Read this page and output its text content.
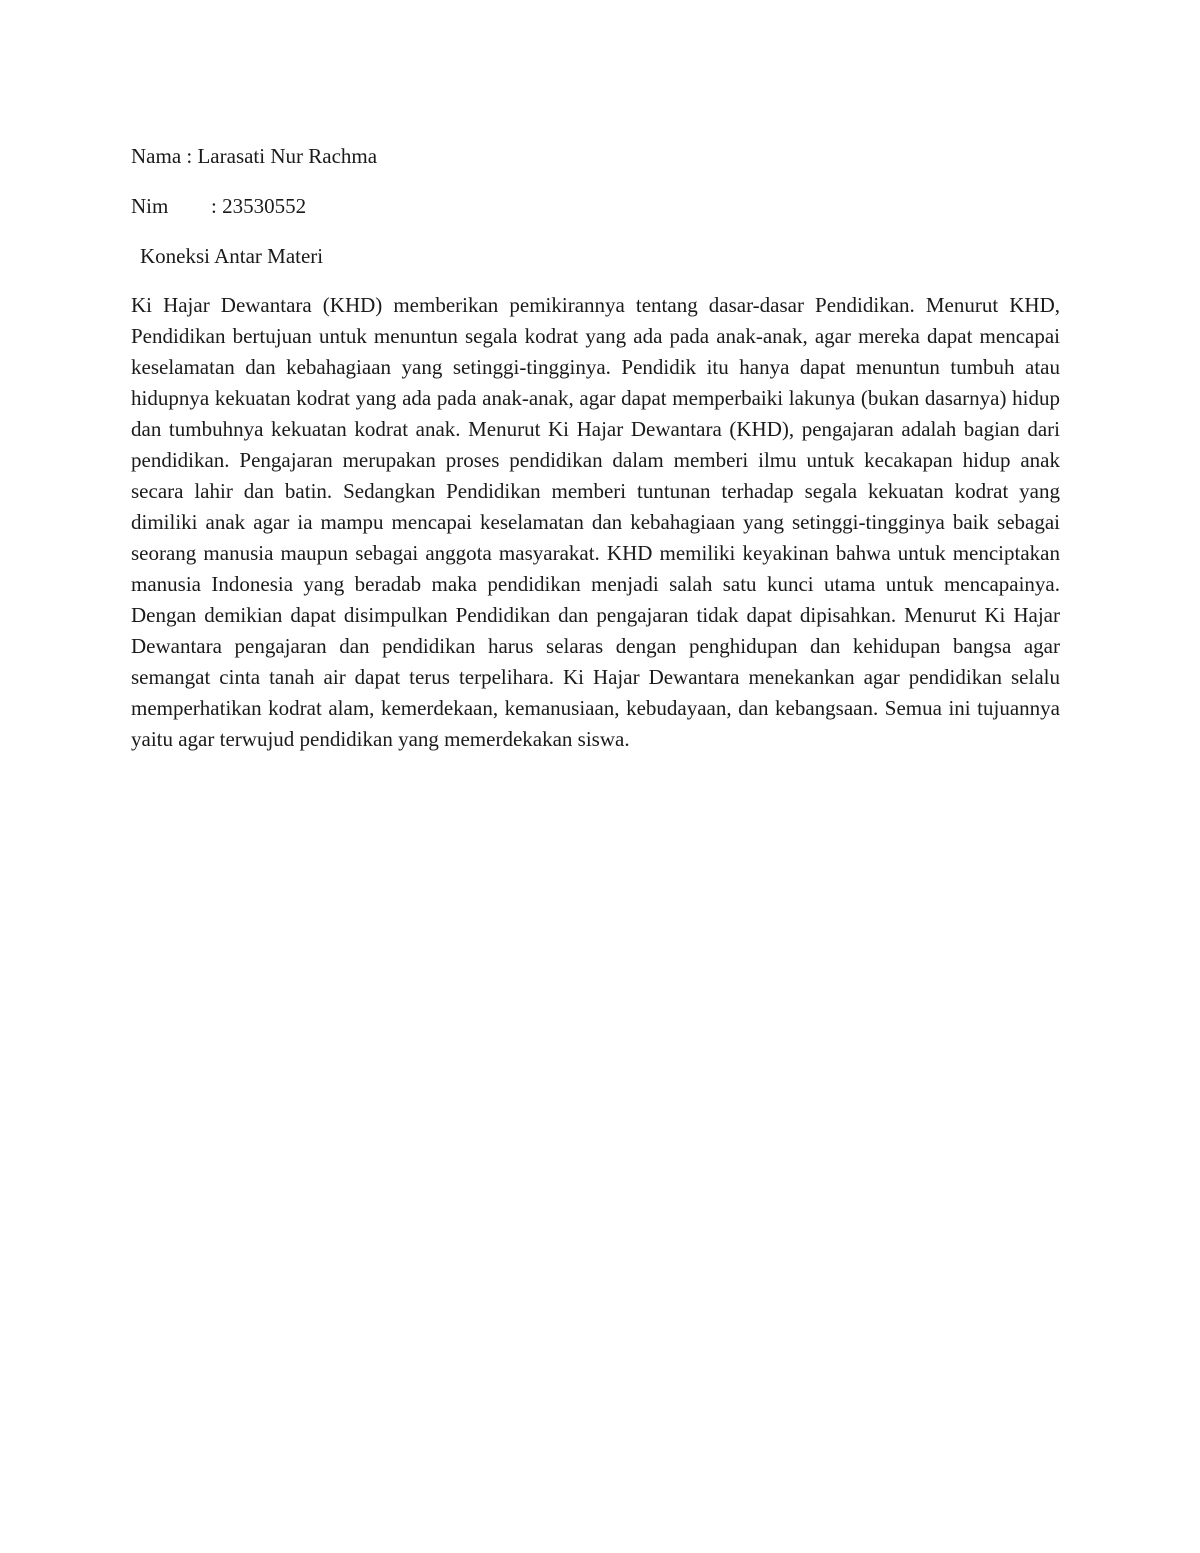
Nama : Larasati Nur Rachma

Nim : 23530552

Koneksi Antar Materi

Ki Hajar Dewantara (KHD) memberikan pemikirannya tentang dasar-dasar Pendidikan. Menurut KHD, Pendidikan bertujuan untuk menuntun segala kodrat yang ada pada anak-anak, agar mereka dapat mencapai keselamatan dan kebahagiaan yang setinggi-tingginya. Pendidik itu hanya dapat menuntun tumbuh atau hidupnya kekuatan kodrat yang ada pada anak-anak, agar dapat memperbaiki lakunya (bukan dasarnya) hidup dan tumbuhnya kekuatan kodrat anak. Menurut Ki Hajar Dewantara (KHD), pengajaran adalah bagian dari pendidikan. Pengajaran merupakan proses pendidikan dalam memberi ilmu untuk kecakapan hidup anak secara lahir dan batin. Sedangkan Pendidikan memberi tuntunan terhadap segala kekuatan kodrat yang dimiliki anak agar ia mampu mencapai keselamatan dan kebahagiaan yang setinggi-tingginya baik sebagai seorang manusia maupun sebagai anggota masyarakat. KHD memiliki keyakinan bahwa untuk menciptakan manusia Indonesia yang beradab maka pendidikan menjadi salah satu kunci utama untuk mencapainya. Dengan demikian dapat disimpulkan Pendidikan dan pengajaran tidak dapat dipisahkan. Menurut Ki Hajar Dewantara pengajaran dan pendidikan harus selaras dengan penghidupan dan kehidupan bangsa agar semangat cinta tanah air dapat terus terpelihara. Ki Hajar Dewantara menekankan agar pendidikan selalu memperhatikan kodrat alam, kemerdekaan, kemanusiaan, kebudayaan, dan kebangsaan. Semua ini tujuannya yaitu agar terwujud pendidikan yang memerdekakan siswa.
